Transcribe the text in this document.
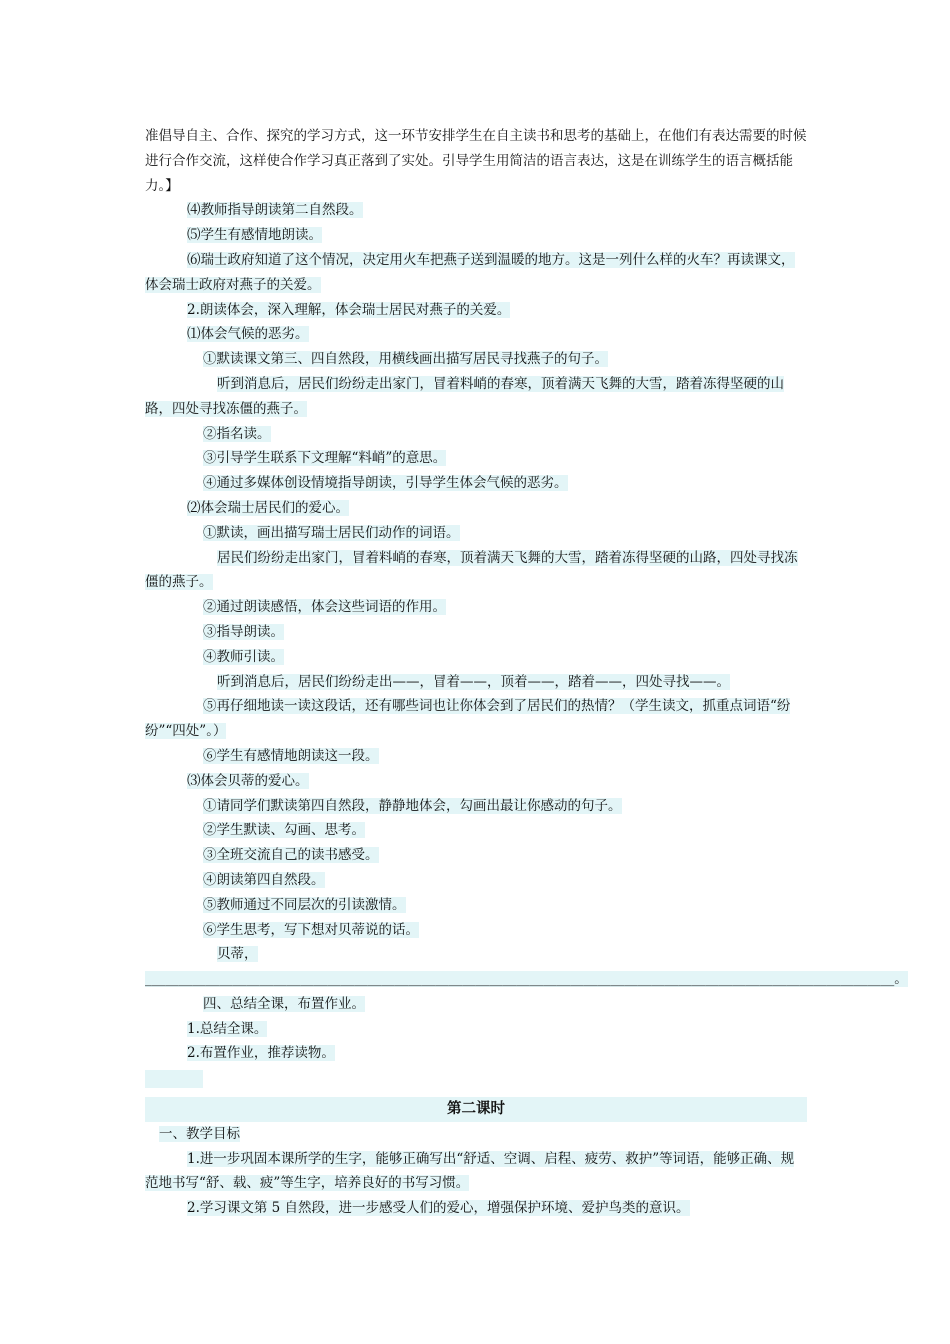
准倡导自主、合作、探究的学习方式，这一环节安排学生在自主读书和思考的基础上，在他们有表达需要的时候进行合作交流，这样使合作学习真正落到了实处。引导学生用简洁的语言表达，这是在训练学生的语言概括能力。】
⑷教师指导朗读第二自然段。
⑸学生有感情地朗读。
⑹瑞士政府知道了这个情况，决定用火车把燕子送到温暖的地方。这是一列什么样的火车？再读课文，体会瑞士政府对燕子的关爱。
2.朗读体会，深入理解，体会瑞士居民对燕子的关爱。
⑴体会气候的恶劣。
①默读课文第三、四自然段，用横线画出描写居民寻找燕子的句子。
听到消息后，居民们纷纷走出家门，冒着料峭的春寒，顶着满天飞舞的大雪，踏着冻得坚硬的山路，四处寻找冻僵的燕子。
②指名读。
③引导学生联系下文理解“料峭”的意思。
④通过多媒体创设情境指导朗读，引导学生体会气候的恶劣。
⑵体会瑞士居民们的爱心。
①默读，画出描写瑞士居民们动作的词语。
居民们纷纷走出家门，冒着料峭的春寒，顶着满天飞舞的大雪，踏着冻得坚硬的山路，四处寻找冻僵的燕子。
②通过朗读感悟，体会这些词语的作用。
③指导朗读。
④教师引读。
听到消息后，居民们纷纷走出——，冒着——，顶着——，踏着——，四处寻找——。
⑤再仔细地读一读这段话，还有哪些词也让你体会到了居民们的热情？（学生读文，抓重点词语“纷纷”“四处”。）
⑥学生有感情地朗读这一段。
⑶体会贝蒂的爱心。
①请同学们默读第四自然段，静静地体会，勾画出最让你感动的句子。
②学生默读、勾画、思考。
③全班交流自己的读书感受。
④朗读第四自然段。
⑤教师通过不同层次的引读激情。
⑥学生思考，写下想对贝蒂说的话。
贝蒂，_______________________________________________________________________________________________________________。
四、总结全课，布置作业。
1.总结全课。
2.布置作业，推荐读物。
第二课时
一、教学目标
1.进一步巩固本课所学的生字，能够正确写出“舒适、空调、启程、疲劳、救护”等词语，能够正确、规范地书写“舒、载、疲”等生字，培养良好的书写习惯。
2.学习课文第 5 自然段，进一步感受人们的爱心，增强保护环境、爱护鸟类的意识。
